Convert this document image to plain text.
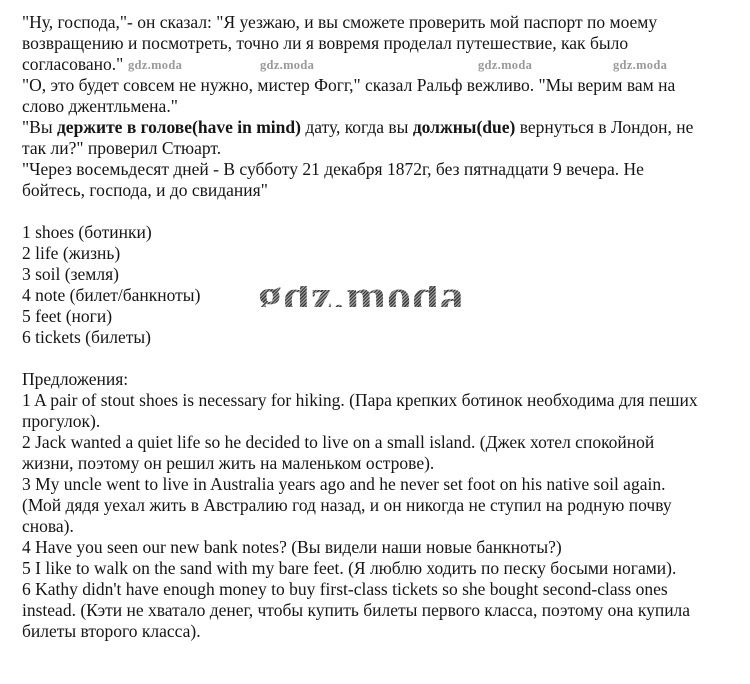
gdz.moda	gdz.moda	gdz.moda	gdz.moda
gdz.moda
"Ну, господа,"- он сказал: "Я уезжаю, и вы сможете проверить мой паспорт по моему
возвращению и посмотреть, точно ли я вовремя проделал путешествие, как было
согласовано."
"О, это будет совсем не нужно, мистер Фогг," сказал Ральф вежливо. "Мы верим вам на
слово джентльмена."
"Вы держите в голове(have in mind) дату, когда вы должны(due) вернуться в Лондон, не
так ли?" проверил Стюарт.
"Через восемьдесят дней - В субботу 21 декабря 1872г, без пятнадцати 9 вечера. Не
бойтесь, господа, и до свидания"
1 shoes (ботинки)
2 life (жизнь)
3 soil (земля)
4 note (билет/банкноты)
5 feet (ноги)
6 tickets (билеты)
Предложения:
1 A pair of stout shoes is necessary for hiking. (Пара крепких ботинок необходима для пеших
прогулок).
2 Jack wanted a quiet life so he decided to live on a small island. (Джек хотел спокойной
жизни, поэтому он решил жить на маленьком острове).
3 My uncle went to live in Australia years ago and he never set foot on his native soil again.
(Мой дядя уехал жить в Австралию год назад, и он никогда не ступил на родную почву
снова).
4 Have you seen our new bank notes? (Вы видели наши новые банкноты?)
5 I like to walk on the sand with my bare feet. (Я люблю ходить по песку босыми ногами).
6 Kathy didn't have enough money to buy first-class tickets so she bought second-class ones
instead. (Кэти не хватало денег, чтобы купить билеты первого класса, поэтому она купила
билеты второго класса).
